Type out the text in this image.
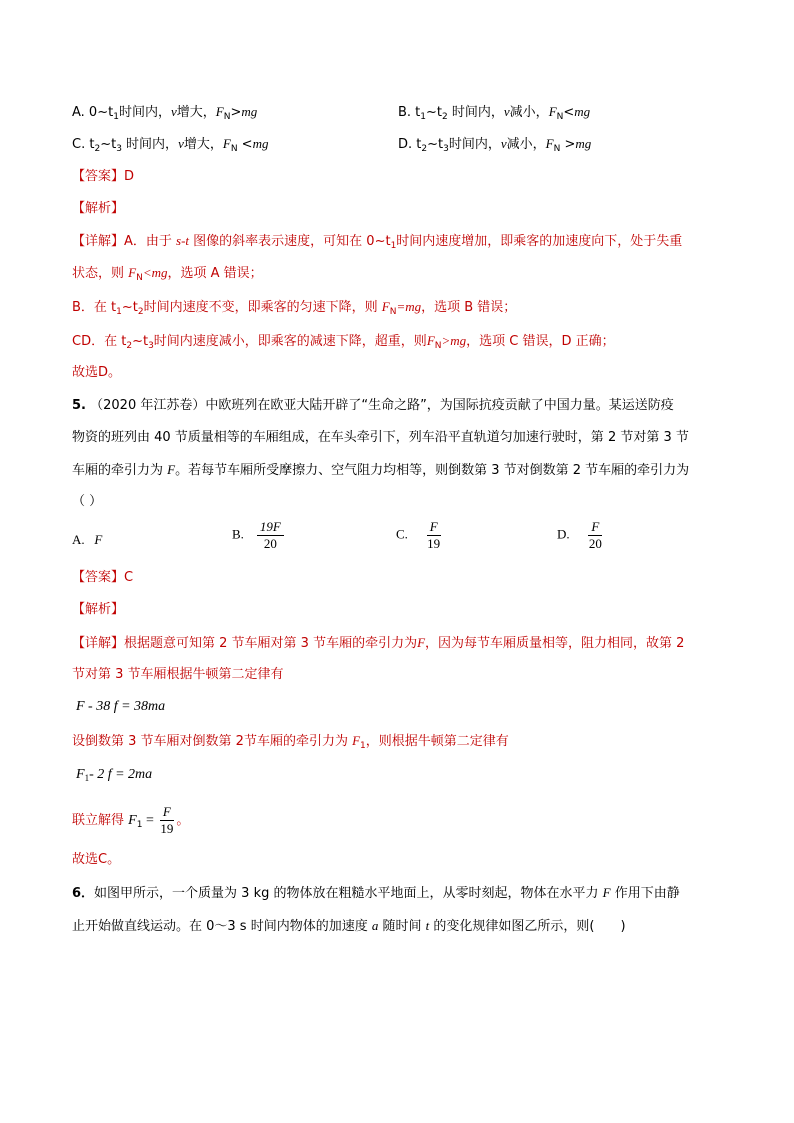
A. $0\sim t_1$时间内，v增大，$F_N>mg$	B. $t_1\sim t_2$ 时间内，v减小，$F_N<mg$
C. $t_2\sim t_3$ 时间内，v增大，$F_N <mg$	D. $t_2\sim t_3$时间内，v减小，$F_N >mg$
【答案】D
【解析】
【详解】A．由于 s-t 图像的斜率表示速度，可知在 $0\sim t_1$时间内速度增加，即乘客的加速度向下，处于失重
状态，则 $F_N<mg$，选项 A 错误；
B．在 $t_1\sim t_2$时间内速度不变，即乘客的匀速下降，则 $F_N=mg$，选项 B 错误；
CD．在 $t_2\sim t_3$时间内速度减小，即乘客的减速下降，超重，则$F_N>mg$，选项 C 错误，D 正确；
故选D。
5. （2020 年江苏卷）中欧班列在欧亚大陆开辟了“生命之路”，为国际抗疫贡献了中国力量。某运送防疫
物资的班列由 40 节质量相等的车厢组成，在车头牵引下，列车沿平直轨道匀加速行驶时，第 2 节对第 3 节
车厢的牵引力为 F。若每节车厢所受摩擦力、空气阻力均相等，则倒数第 3 节对倒数第 2 节车厢的牵引力为
（ ）
A. F	B. $\frac{19F}{20}$	C. $\frac{F}{19}$	D. $\frac{F}{20}$
【答案】C
【解析】
【详解】根据题意可知第 2 节车厢对第 3 节车厢的牵引力为F，因为每节车厢质量相等，阻力相同，故第 2
节对第 3 节车厢根据牛顿第二定律有
F - 38 f = 38ma
设倒数第 3 节车厢对倒数第 2节车厢的牵引力为 $F_1$，则根据牛顿第二定律有
$F_1-$ 2 f = 2ma
联立解得 $F_1 = \frac{F}{19}$ 。
故选C。
6．如图甲所示，一个质量为 3 kg 的物体放在粗糙水平地面上，从零时刻起，物体在水平力 F 作用下由静
止开始做直线运动。在 0～3 s 时间内物体的加速度 a 随时间 t 的变化规律如图乙所示，则(　　)
